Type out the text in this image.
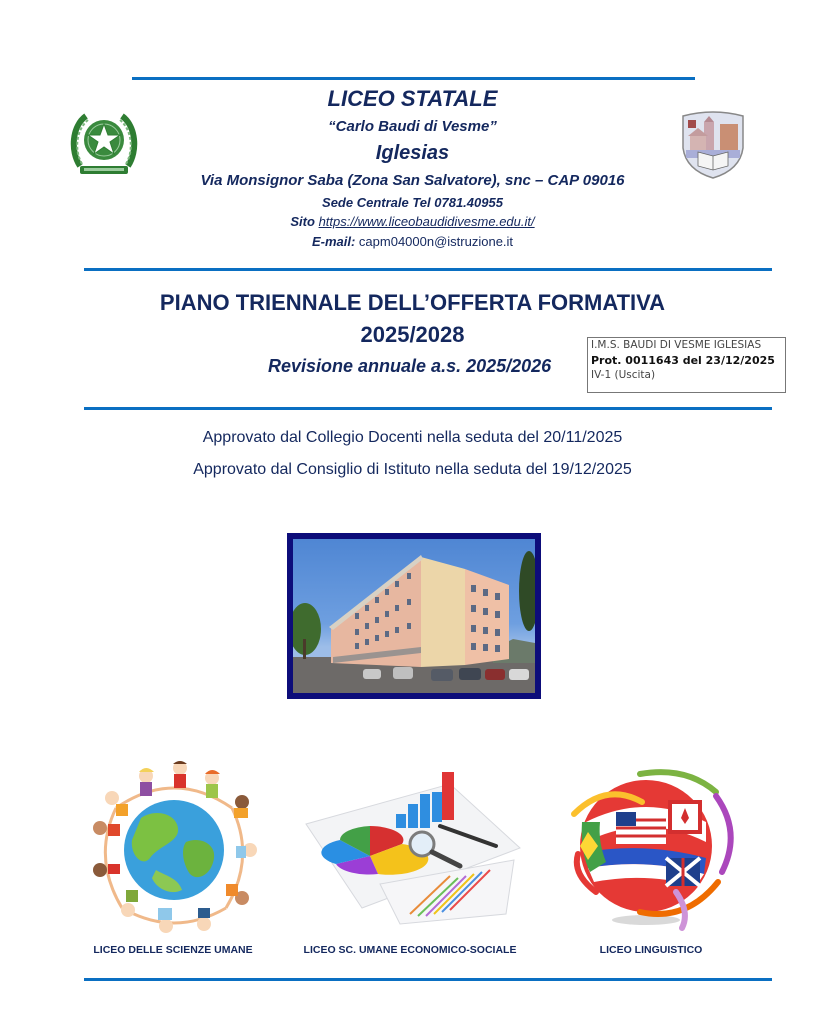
LICEO STATALE
“Carlo Baudi di Vesme”
Iglesias
Via Monsignor Saba (Zona San Salvatore), snc – CAP 09016
Sede Centrale Tel 0781.40955
Sito https://www.liceobaudidivesme.edu.it/
E-mail: capm04000n@istruzione.it
PIANO TRIENNALE DELL’OFFERTA FORMATIVA
2025/2028
Revisione annuale a.s. 2025/2026
I.M.S. BAUDI DI VESME IGLESIAS
Prot. 0011643 del 23/12/2025
IV-1 (Uscita)
Approvato dal Collegio Docenti nella seduta del 20/11/2025
Approvato dal Consiglio di Istituto nella seduta del 19/12/2025
LICEO DELLE SCIENZE UMANE	LICEO SC. UMANE ECONOMICO-SOCIALE	LICEO LINGUISTICO
